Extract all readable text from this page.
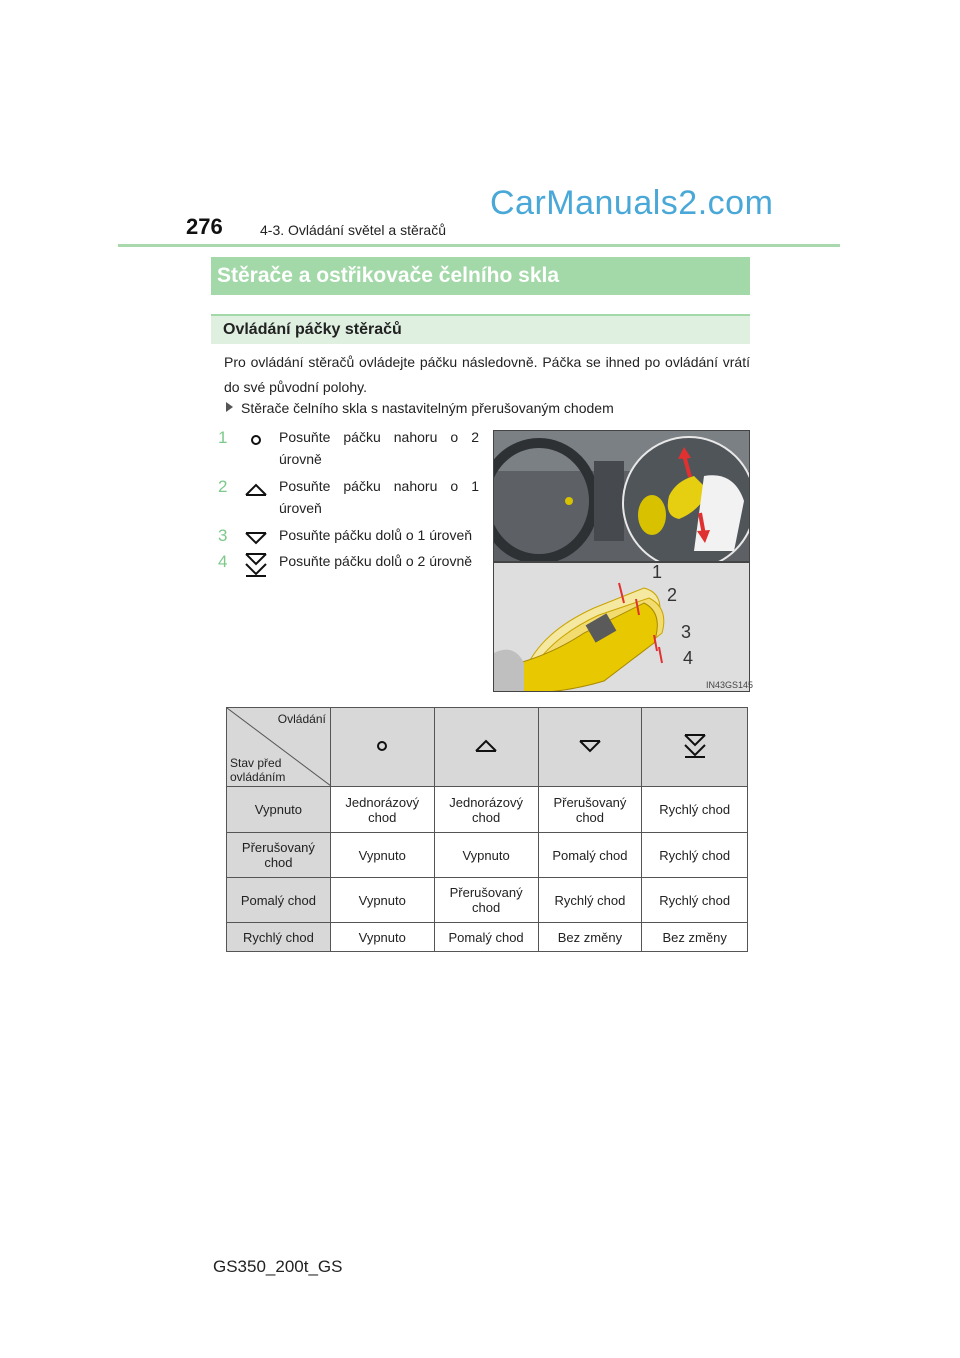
276	4-3. Ovládání světel a stěračů
CarManuals2.com
Stěrače a ostřikovače čelního skla
Ovládání páčky stěračů
Pro ovládání stěračů ovládejte páčku následovně. Páčka se ihned po ovládání vrátí do své původní polohy.
Stěrače čelního skla s nastavitelným přerušovaným chodem
1	Posuňte páčku nahoru o 2 úrovně
2	Posuňte páčku nahoru o 1 úroveň
3	Posuňte páčku dolů o 1 úroveň
4	Posuňte páčku dolů o 2 úrovně
1
2
3
4
IN43GS145
Ovládání
Stav před ovládáním

Vypnuto	Jednorázový chod	Jednorázový chod	Přerušovaný chod	Rychlý chod
Přerušovaný chod	Vypnuto	Vypnuto	Pomalý chod	Rychlý chod
Pomalý chod	Vypnuto	Přerušovaný chod	Rychlý chod	Rychlý chod
Rychlý chod	Vypnuto	Pomalý chod	Bez změny	Bez změny
GS350_200t_GS
